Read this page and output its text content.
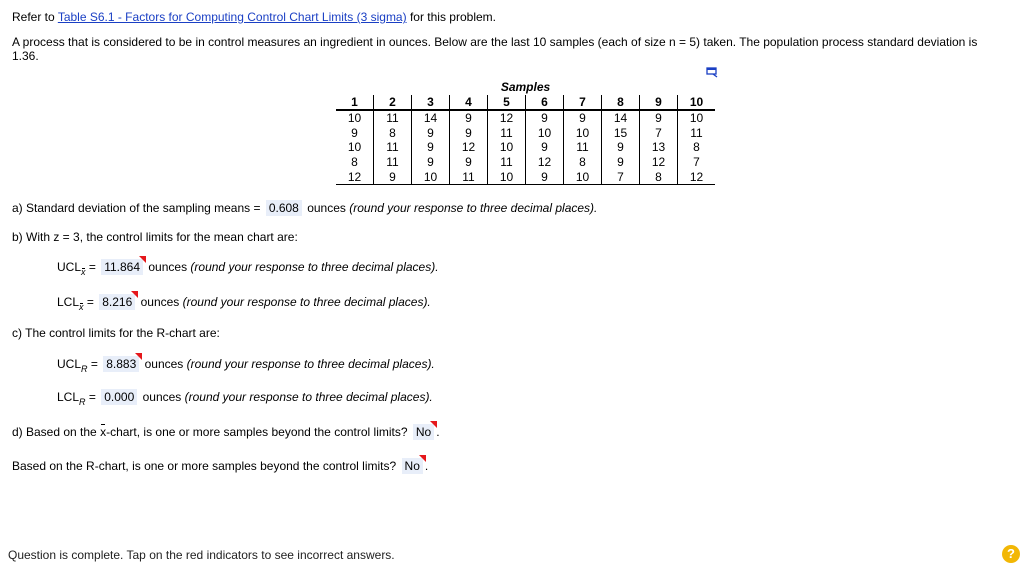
Refer to Table S6.1 - Factors for Computing Control Chart Limits (3 sigma) for this problem.
A process that is considered to be in control measures an ingredient in ounces. Below are the last 10 samples (each of size n = 5) taken. The population process standard deviation is 1.36.
Samples									
1	2	3	4	5	6	7	8	9	10
10	11	14	9	12	9	9	14	9	10
9	8	9	9	11	10	10	15	7	11
10	11	9	12	10	9	11	9	13	8
8	11	9	9	11	12	8	9	12	7
12	9	10	11	10	9	10	7	8	12
a) Standard deviation of the sampling means = 0.608 ounces (round your response to three decimal places).
b) With z = 3, the control limits for the mean chart are:
$UCL_x = 11.864$ ounces (round your response to three decimal places).
$LCL_x = 8.216$ ounces (round your response to three decimal places).
c) The control limits for the R-chart are:
$UCL_R = 8.883$ ounces (round your response to three decimal places).
$LCL_R = 0.000$ ounces (round your response to three decimal places).
d) Based on the x-chart, is one or more samples beyond the control limits? No .
Based on the R-chart, is one or more samples beyond the control limits? No .
Question is complete. Tap on the red indicators to see incorrect answers.	?
